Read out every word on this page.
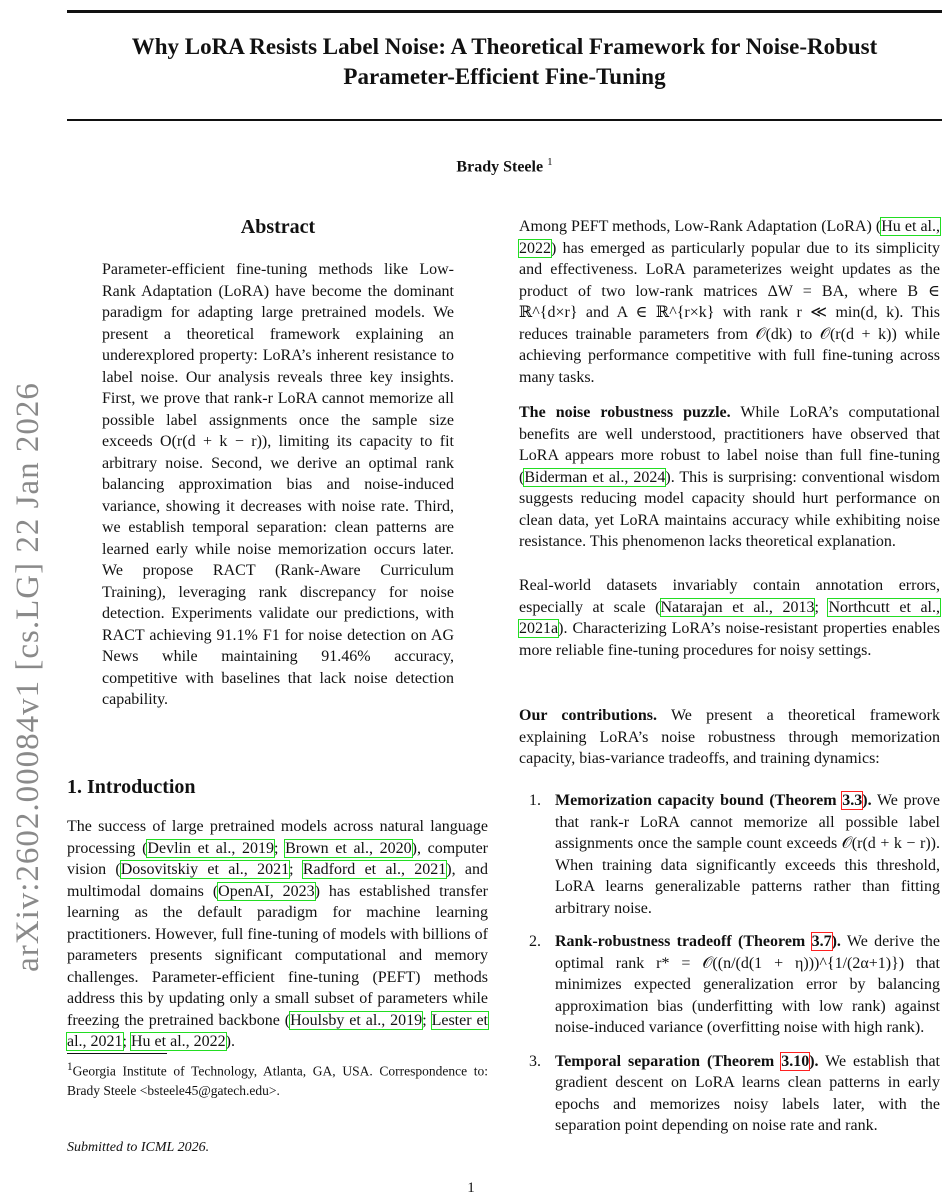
Why LoRA Resists Label Noise: A Theoretical Framework for Noise-Robust
Parameter-Efficient Fine-Tuning
Brady Steele $^1$
arXiv:2602.00084v1 [cs.LG] 22 Jan 2026
Abstract

Parameter-efficient fine-tuning methods like Low-Rank Adaptation (LoRA) have become the dominant paradigm for adapting large pretrained models. We present a theoretical framework explaining an underexplored property: LoRA’s inherent resistance to label noise. Our analysis reveals three key insights. First, we prove that rank-r LoRA cannot memorize all possible label assignments once the sample size exceeds O(r(d + k − r)), limiting its capacity to fit arbitrary noise. Second, we derive an optimal rank balancing approximation bias and noise-induced variance, showing it decreases with noise rate. Third, we establish temporal separation: clean patterns are learned early while noise memorization occurs later. We propose RACT (Rank-Aware Curriculum Training), leveraging rank discrepancy for noise detection. Experiments validate our predictions, with RACT achieving 91.1% F1 for noise detection on AG News while maintaining 91.46% accuracy, competitive with baselines that lack noise detection capability.

1. Introduction

The success of large pretrained models across natural language processing (Devlin et al., 2019; Brown et al., 2020), computer vision (Dosovitskiy et al., 2021; Radford et al., 2021), and multimodal domains (OpenAI, 2023) has established transfer learning as the default paradigm for machine learning practitioners. However, full fine-tuning of models with billions of parameters presents significant computational and memory challenges. Parameter-efficient fine-tuning (PEFT) methods address this by updating only a small subset of parameters while freezing the pretrained backbone (Houlsby et al., 2019; Lester et al., 2021; Hu et al., 2022).

$^1$Georgia Institute of Technology, Atlanta, GA, USA. Correspondence to: Brady Steele <bsteele45@gatech.edu>.
Submitted to ICML 2026.
1

Among PEFT methods, Low-Rank Adaptation (LoRA) (Hu et al., 2022) has emerged as particularly popular due to its simplicity and effectiveness. LoRA parameterizes weight updates as the product of two low-rank matrices ΔW = BA, where B ∈ ℝ^{d×r} and A ∈ ℝ^{r×k} with rank r ≪ min(d, k). This reduces trainable parameters from 𝒪(dk) to 𝒪(r(d + k)) while achieving performance competitive with full fine-tuning across many tasks.

The noise robustness puzzle. While LoRA’s computational benefits are well understood, practitioners have observed that LoRA appears more robust to label noise than full fine-tuning (Biderman et al., 2024). This is surprising: conventional wisdom suggests reducing model capacity should hurt performance on clean data, yet LoRA maintains accuracy while exhibiting noise resistance. This phenomenon lacks theoretical explanation.

Real-world datasets invariably contain annotation errors, especially at scale (Natarajan et al., 2013; Northcutt et al., 2021a). Characterizing LoRA’s noise-resistant properties enables more reliable fine-tuning procedures for noisy settings.

Our contributions. We present a theoretical framework explaining LoRA’s noise robustness through memorization capacity, bias-variance tradeoffs, and training dynamics:

1. Memorization capacity bound (Theorem 3.3). We prove that rank-r LoRA cannot memorize all possible label assignments once the sample count exceeds 𝒪(r(d + k − r)). When training data significantly exceeds this threshold, LoRA learns generalizable patterns rather than fitting arbitrary noise.
2. Rank-robustness tradeoff (Theorem 3.7). We derive the optimal rank r* = 𝒪((n/(d(1 + η)))^{1/(2α+1)}) that minimizes expected generalization error by balancing approximation bias (underfitting with low rank) against noise-induced variance (overfitting noise with high rank).
3. Temporal separation (Theorem 3.10). We establish that gradient descent on LoRA learns clean patterns in early epochs and memorizes noisy labels later, with the separation point depending on noise rate and rank.
